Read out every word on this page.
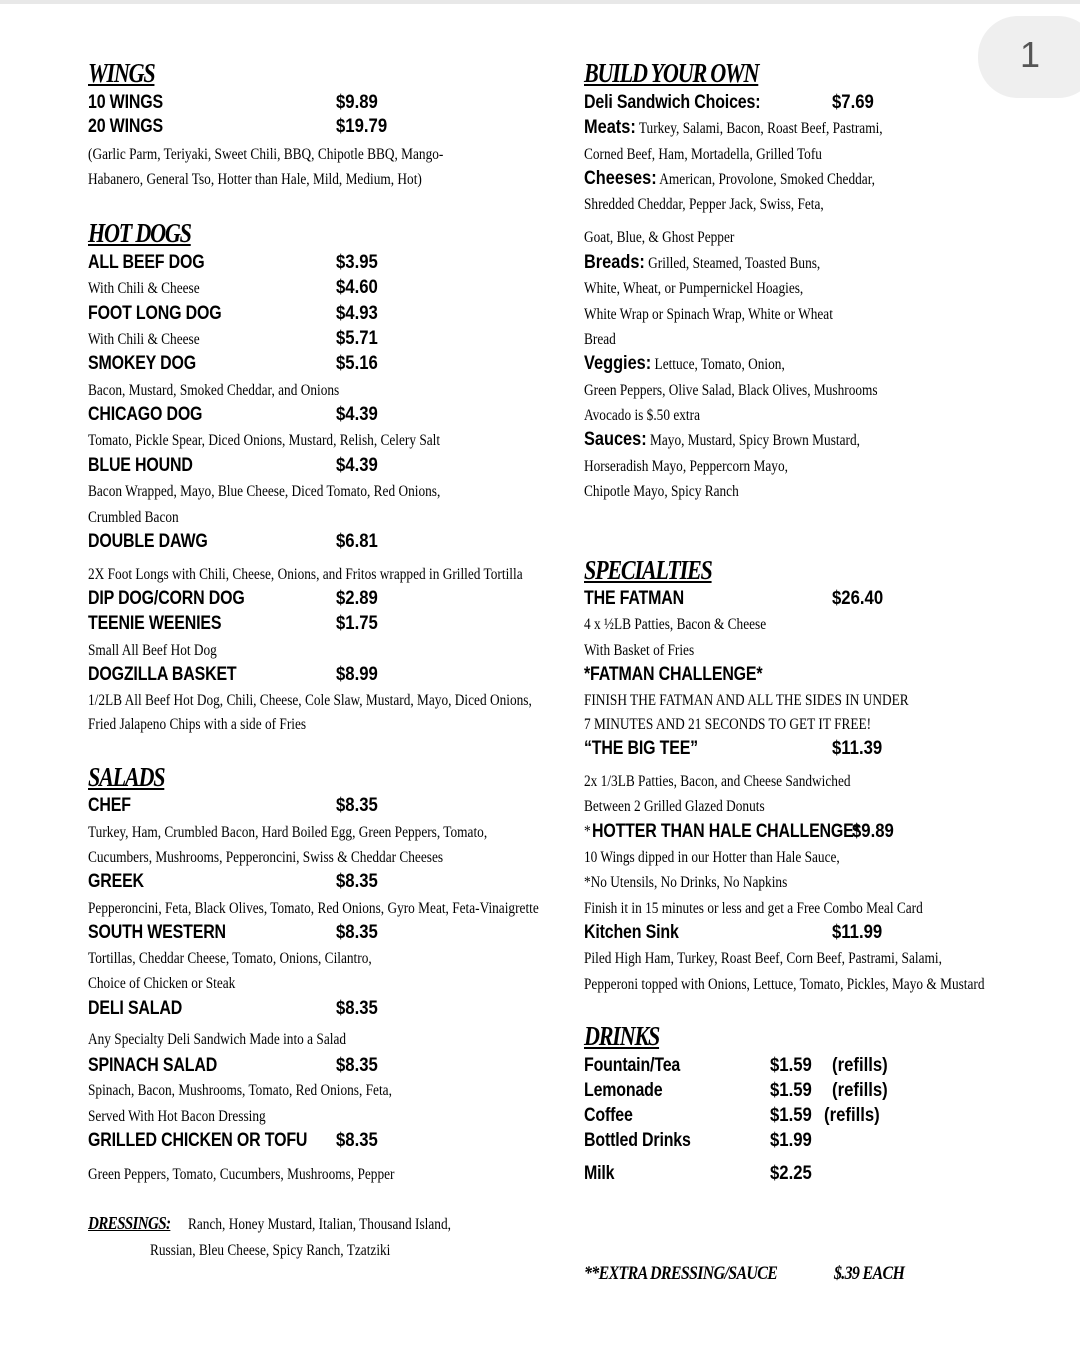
1
WINGS
10 WINGS	$9.89
20 WINGS	$19.79
(Garlic Parm, Teriyaki, Sweet Chili, BBQ, Chipotle BBQ, Mango-
Habanero, General Tso, Hotter than Hale, Mild, Medium, Hot)
HOT DOGS
ALL BEEF DOG	$3.95
With Chili & Cheese	$4.60
FOOT LONG DOG	$4.93
With Chili & Cheese	$5.71
SMOKEY DOG	$5.16
Bacon, Mustard, Smoked Cheddar, and Onions
CHICAGO DOG	$4.39
Tomato, Pickle Spear, Diced Onions, Mustard, Relish, Celery Salt
BLUE HOUND	$4.39
Bacon Wrapped, Mayo, Blue Cheese, Diced Tomato, Red Onions,
Crumbled Bacon
DOUBLE DAWG	$6.81
2X Foot Longs with Chili, Cheese, Onions, and Fritos wrapped in Grilled Tortilla
DIP DOG/CORN DOG	$2.89
TEENIE WEENIES	$1.75
Small All Beef Hot Dog
DOGZILLA BASKET	$8.99
1/2LB All Beef Hot Dog, Chili, Cheese, Cole Slaw, Mustard, Mayo, Diced Onions,
Fried Jalapeno Chips with a side of Fries
SALADS
CHEF	$8.35
Turkey, Ham, Crumbled Bacon, Hard Boiled Egg, Green Peppers, Tomato,
Cucumbers, Mushrooms, Pepperoncini, Swiss & Cheddar Cheeses
GREEK	$8.35
Pepperoncini, Feta, Black Olives, Tomato, Red Onions, Gyro Meat, Feta-Vinaigrette
SOUTH WESTERN	$8.35
Tortillas, Cheddar Cheese, Tomato, Onions, Cilantro,
Choice of Chicken or Steak
DELI SALAD	$8.35
Any Specialty Deli Sandwich Made into a Salad
SPINACH SALAD	$8.35
Spinach, Bacon, Mushrooms, Tomato, Red Onions, Feta,
Served With Hot Bacon Dressing
GRILLED CHICKEN OR TOFU $8.35
Green Peppers, Tomato, Cucumbers, Mushrooms, Pepper
DRESSINGS: Ranch, Honey Mustard, Italian, Thousand Island,
Russian, Bleu Cheese, Spicy Ranch, Tzatziki
BUILD YOUR OWN
Deli Sandwich Choices:	$7.69
Meats: Turkey, Salami, Bacon, Roast Beef, Pastrami,
Corned Beef, Ham, Mortadella, Grilled Tofu
Cheeses: American, Provolone, Smoked Cheddar,
Shredded Cheddar, Pepper Jack, Swiss, Feta,
Goat, Blue, & Ghost Pepper
Breads: Grilled, Steamed, Toasted Buns,
White, Wheat, or Pumpernickel Hoagies,
White Wrap or Spinach Wrap, White or Wheat
Bread
Veggies: Lettuce, Tomato, Onion,
Green Peppers, Olive Salad, Black Olives, Mushrooms
Avocado is $.50 extra
Sauces: Mayo, Mustard, Spicy Brown Mustard,
Horseradish Mayo, Peppercorn Mayo,
Chipotle Mayo, Spicy Ranch
SPECIALTIES
THE FATMAN	$26.40
4 x ½LB Patties, Bacon & Cheese
With Basket of Fries
*FATMAN CHALLENGE*
FINISH THE FATMAN AND ALL THE SIDES IN UNDER
7 MINUTES AND 21 SECONDS TO GET IT FREE!
“THE BIG TEE”	$11.39
2x 1/3LB Patties, Bacon, and Cheese Sandwiched
Between 2 Grilled Glazed Donuts
* HOTTER THAN HALE CHALLENGE*
$9.89
10 Wings dipped in our Hotter than Hale Sauce,
*No Utensils, No Drinks, No Napkins
Finish it in 15 minutes or less and get a Free Combo Meal Card
Kitchen Sink	$11.99
Piled High Ham, Turkey, Roast Beef, Corn Beef, Pastrami, Salami,
Pepperoni topped with Onions, Lettuce, Tomato, Pickles, Mayo & Mustard
DRINKS
Fountain/Tea	$1.59 (refills)
Lemonade	$1.59 (refills)
Coffee	$1.59 (refills)
Bottled Drinks	$1.99
Milk	$2.25
**EXTRA DRESSING/SAUCE	$.39 EACH
